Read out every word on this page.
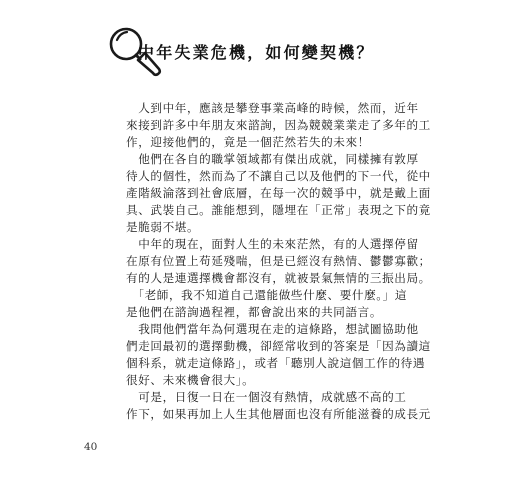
中年失業危機，如何變契機？

　人到中年，應該是攀登事業高峰的時候，然而，近年
來接到許多中年朋友來諮詢，因為競競業業走了多年的工
作，迎接他們的，竟是一個茫然若失的未來！

　他們在各自的職掌領域都有傑出成就，同樣擁有敦厚
待人的個性，然而為了不讓自己以及他們的下一代，從中
產階級淪落到社會底層，在每一次的競爭中，就是戴上面
具、武裝自己。誰能想到，隱埋在「正常」表現之下的竟
是脆弱不堪。

　中年的現在，面對人生的未來茫然，有的人選擇停留
在原有位置上苟延殘喘，但是已經沒有熱情、鬱鬱寡歡；
有的人是連選擇機會都沒有，就被景氣無情的三振出局。

　「老師，我不知道自己還能做些什麼、要什麼。」這
是他們在諮詢過程裡，都會說出來的共同語言。

　我問他們當年為何選現在走的這條路，想試圖協助他
們走回最初的選擇動機，卻經常收到的答案是「因為讀這
個科系，就走這條路」，或者「聽別人說這個工作的待遇
很好、未來機會很大」。

　可是，日復一日在一個沒有熱情，成就感不高的工
作下，如果再加上人生其他層面也沒有所能滋養的成長元

40
